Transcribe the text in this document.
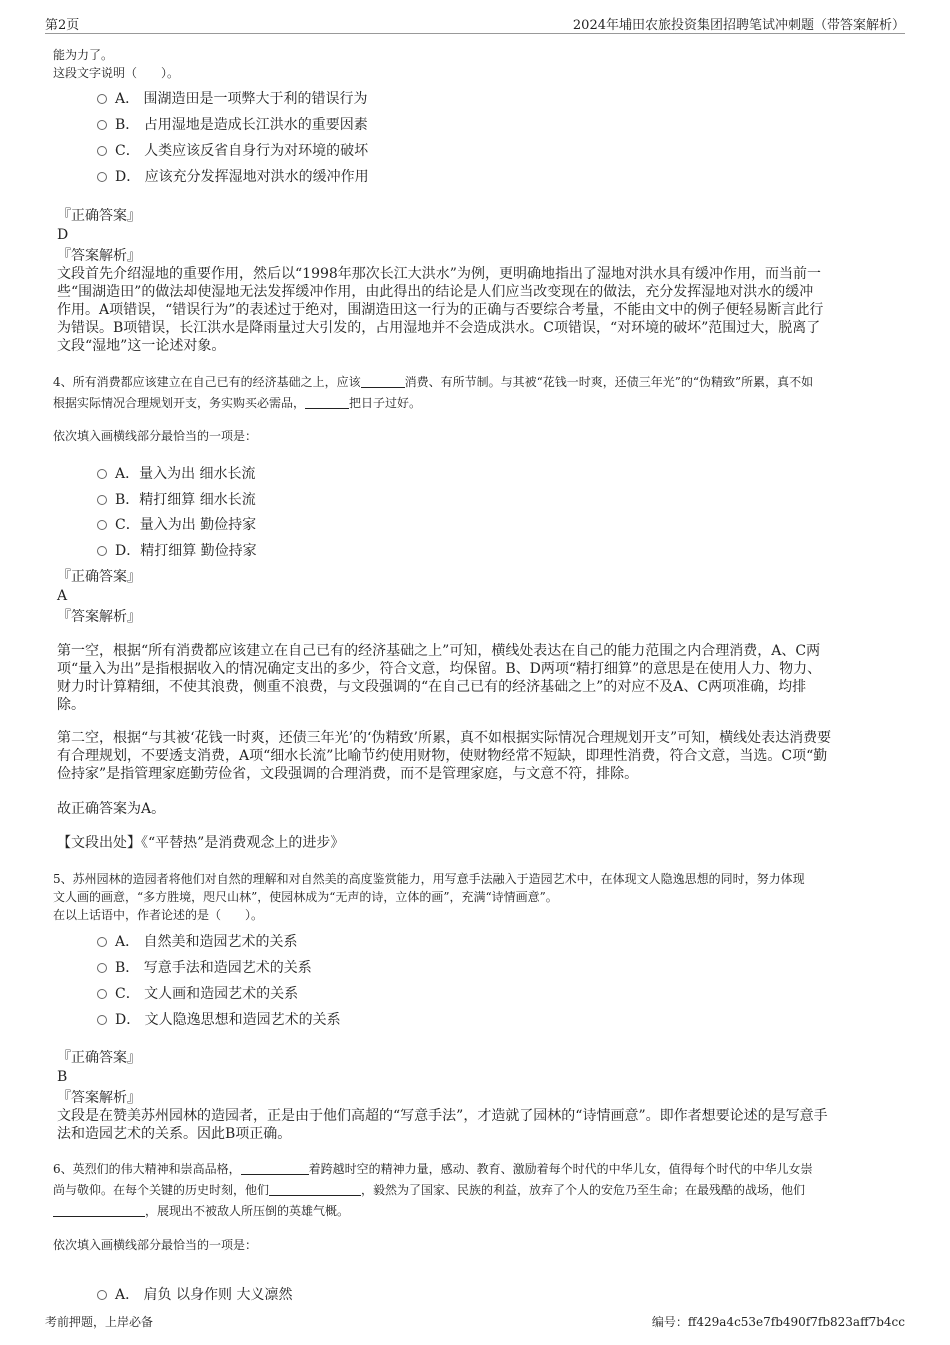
第2页	2024年埔田农旅投资集团招聘笔试冲刺题（带答案解析）
能为力了。
这段文字说明（　　）。
A． 围湖造田是一项弊大于利的错误行为
B． 占用湿地是造成长江洪水的重要因素
C． 人类应该反省自身行为对环境的破坏
D． 应该充分发挥湿地对洪水的缓冲作用
『正确答案』
D
『答案解析』
文段首先介绍湿地的重要作用，然后以“1998年那次长江大洪水”为例，更明确地指出了湿地对洪水具有缓冲作用，而当前一
些“围湖造田”的做法却使湿地无法发挥缓冲作用，由此得出的结论是人们应当改变现在的做法，充分发挥湿地对洪水的缓冲
作用。A项错误，“错误行为”的表述过于绝对，围湖造田这一行为的正确与否要综合考量，不能由文中的例子便轻易断言此行
为错误。B项错误，长江洪水是降雨量过大引发的，占用湿地并不会造成洪水。C项错误，“对环境的破坏”范围过大，脱离了
文段“湿地”这一论述对象。
4、所有消费都应该建立在自己已有的经济基础之上，应该	消费、有所节制。与其被“花钱一时爽，还债三年光”的“伪精致”所累，真不如
根据实际情况合理规划开支，务实购买必需品，	把日子过好。
依次填入画横线部分最恰当的一项是：
A．量入为出 细水长流
B．精打细算 细水长流
C．量入为出 勤俭持家
D．精打细算 勤俭持家
『正确答案』
A
『答案解析』
第一空，根据“所有消费都应该建立在自己已有的经济基础之上”可知，横线处表达在自己的能力范围之内合理消费，A、C两
项“量入为出”是指根据收入的情况确定支出的多少，符合文意，均保留。B、D两项“精打细算”的意思是在使用人力、物力、
财力时计算精细，不使其浪费，侧重不浪费，与文段强调的“在自己已有的经济基础之上”的对应不及A、C两项准确，均排
除。
第二空，根据“与其被‘花钱一时爽，还债三年光’的‘伪精致’所累，真不如根据实际情况合理规划开支”可知，横线处表达消费要
有合理规划，不要透支消费，A项“细水长流”比喻节约使用财物，使财物经常不短缺，即理性消费，符合文意，当选。C项“勤
俭持家”是指管理家庭勤劳俭省，文段强调的合理消费，而不是管理家庭，与文意不符，排除。
故正确答案为A。
【文段出处】《“平替热”是消费观念上的进步》
5、苏州园林的造园者将他们对自然的理解和对自然美的高度鉴赏能力，用写意手法融入于造园艺术中，在体现文人隐逸思想的同时，努力体现
文人画的画意，“多方胜境，咫尺山林”，使园林成为“无声的诗，立体的画”，充满“诗情画意”。
在以上话语中，作者论述的是（　　）。
A． 自然美和造园艺术的关系
B． 写意手法和造园艺术的关系
C． 文人画和造园艺术的关系
D． 文人隐逸思想和造园艺术的关系
『正确答案』
B
『答案解析』
文段是在赞美苏州园林的造园者，正是由于他们高超的“写意手法”，才造就了园林的“诗情画意”。即作者想要论述的是写意手
法和造园艺术的关系。因此B项正确。
6、英烈们的伟大精神和崇高品格，	着跨越时空的精神力量，感动、教育、激励着每个时代的中华儿女，值得每个时代的中华儿女崇
尚与敬仰。在每个关键的历史时刻，他们	，毅然为了国家、民族的利益，放弃了个人的安危乃至生命；在最残酷的战场，他们
，展现出不被敌人所压倒的英雄气概。
依次填入画横线部分最恰当的一项是：
A． 肩负 以身作则 大义凛然
考前押题，上岸必备	编号：ff429a4c53e7fb490f7fb823aff7b4cc
